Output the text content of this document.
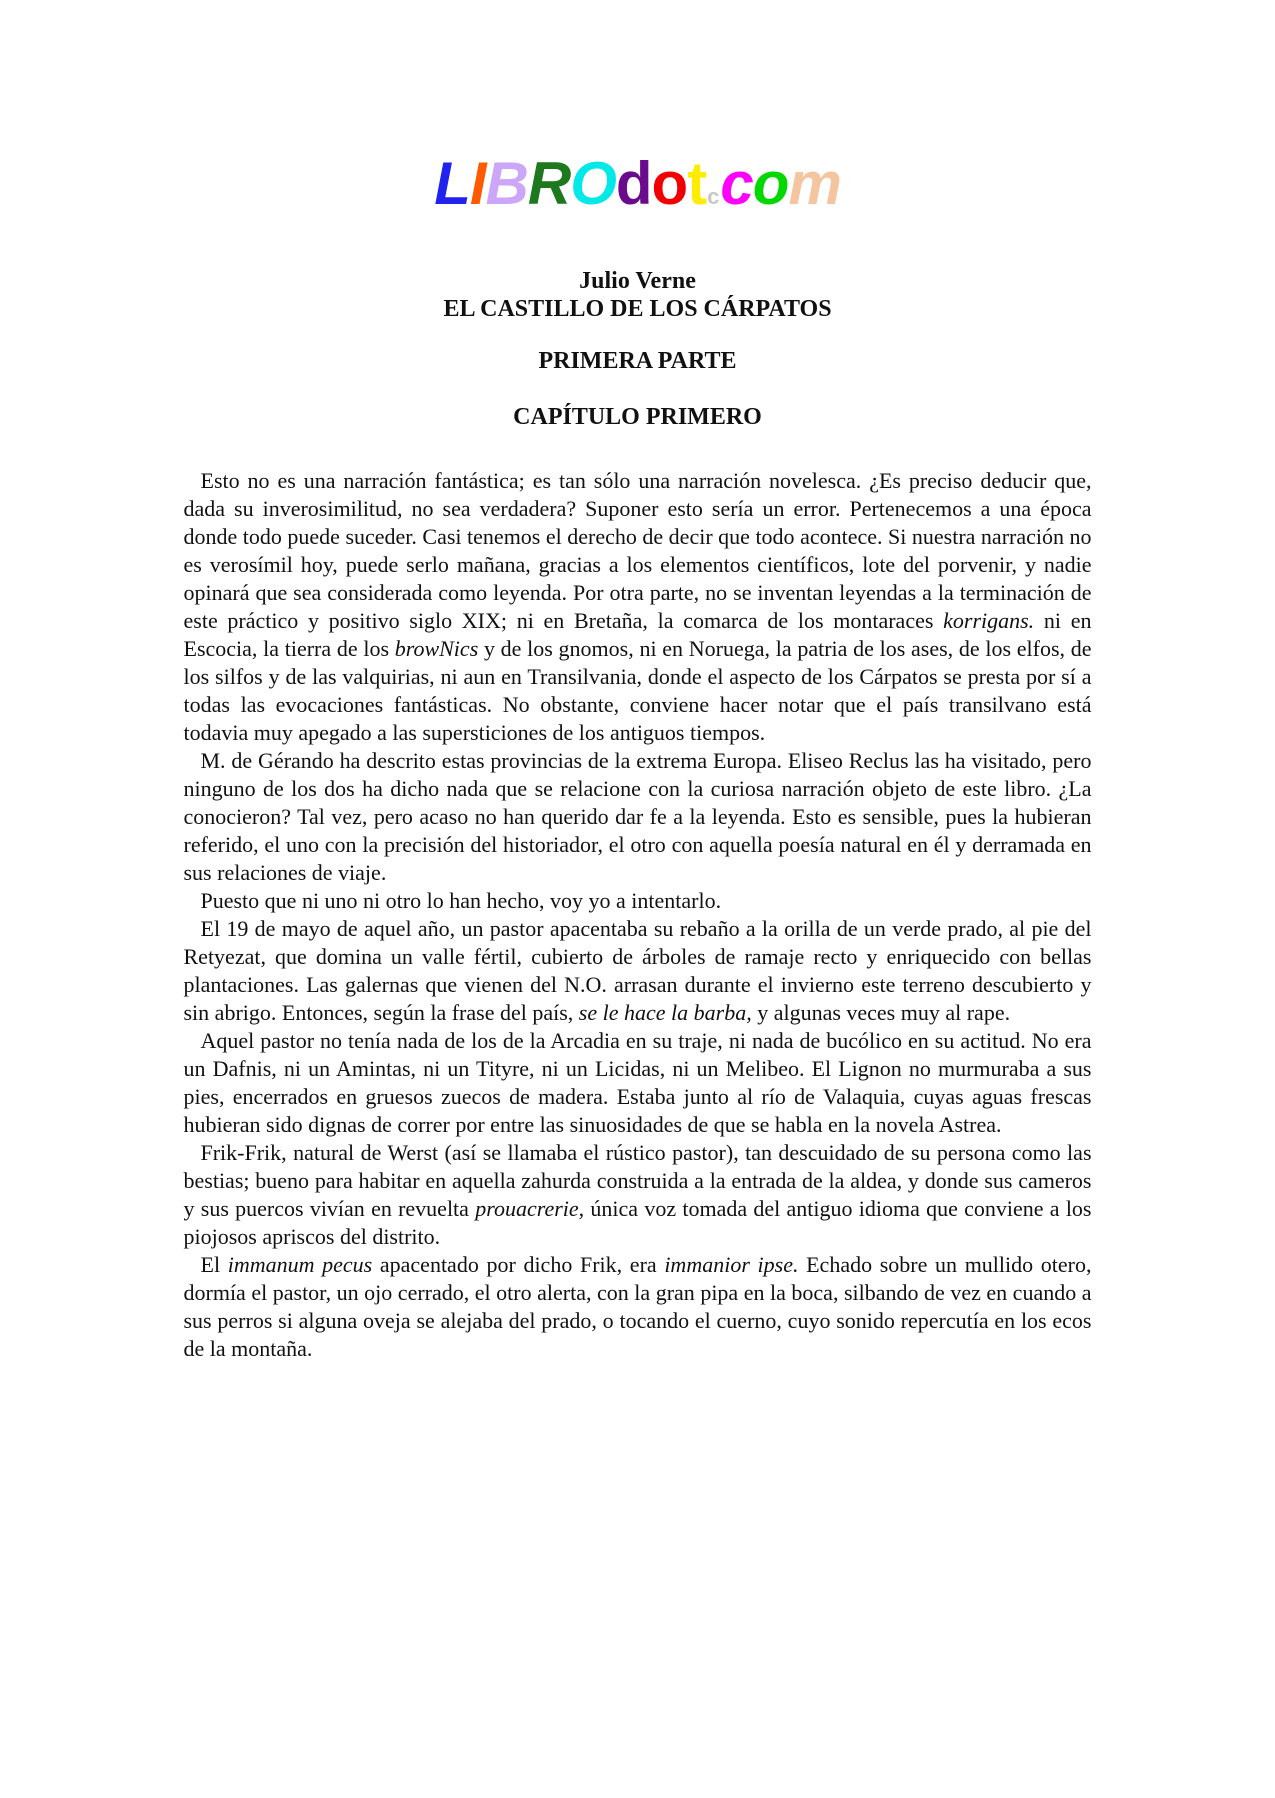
LIBROdotccom
Julio Verne
EL CASTILLO DE LOS CÁRPATOS
PRIMERA PARTE
CAPÍTULO PRIMERO

Esto no es una narración fantástica; es tan sólo una narración novelesca. ¿Es preciso deducir que, dada su inverosimilitud, no sea verdadera? Suponer esto sería un error. Pertenecemos a una época donde todo puede suceder. Casi tenemos el derecho de decir que todo acontece. Si nuestra narración no es verosímil hoy, puede serlo mañana, gracias a los elementos científicos, lote del porvenir, y nadie opinará que sea considerada como leyenda. Por otra parte, no se inventan leyendas a la terminación de este práctico y positivo siglo XIX; ni en Bretaña, la comarca de los montaraces korrigans. ni en Escocia, la tierra de los browNics y de los gnomos, ni en Noruega, la patria de los ases, de los elfos, de los silfos y de las valquirias, ni aun en Transilvania, donde el aspecto de los Cárpatos se presta por sí a todas las evocaciones fantásticas. No obstante, conviene hacer notar que el país transilvano está todavia muy apegado a las supersticiones de los antiguos tiempos.

M. de Gérando ha descrito estas provincias de la extrema Europa. Eliseo Reclus las ha visitado, pero ninguno de los dos ha dicho nada que se relacione con la curiosa narración objeto de este libro. ¿La conocieron? Tal vez, pero acaso no han querido dar fe a la leyenda. Esto es sensible, pues la hubieran referido, el uno con la precisión del historiador, el otro con aquella poesía natural en él y derramada en sus relaciones de viaje.

Puesto que ni uno ni otro lo han hecho, voy yo a intentarlo.

El 19 de mayo de aquel año, un pastor apacentaba su rebaño a la orilla de un verde prado, al pie del Retyezat, que domina un valle fértil, cubierto de árboles de ramaje recto y enriquecido con bellas plantaciones. Las galernas que vienen del N.O. arrasan durante el invierno este terreno descubierto y sin abrigo. Entonces, según la frase del país, se le hace la barba, y algunas veces muy al rape.

Aquel pastor no tenía nada de los de la Arcadia en su traje, ni nada de bucólico en su actitud. No era un Dafnis, ni un Amintas, ni un Tityre, ni un Licidas, ni un Melibeo. El Lignon no murmuraba a sus pies, encerrados en gruesos zuecos de madera. Estaba junto al río de Valaquia, cuyas aguas frescas hubieran sido dignas de correr por entre las sinuosidades de que se habla en la novela Astrea.

Frik-Frik, natural de Werst (así se llamaba el rústico pastor), tan descuidado de su persona como las bestias; bueno para habitar en aquella zahurda construida a la entrada de la aldea, y donde sus cameros y sus puercos vivían en revuelta prouacrerie, única voz tomada del antiguo idioma que conviene a los piojosos apriscos del distrito.

El immanum pecus apacentado por dicho Frik, era immanior ipse. Echado sobre un mullido otero, dormía el pastor, un ojo cerrado, el otro alerta, con la gran pipa en la boca, silbando de vez en cuando a sus perros si alguna oveja se alejaba del prado, o tocando el cuerno, cuyo sonido repercutía en los ecos de la montaña.
